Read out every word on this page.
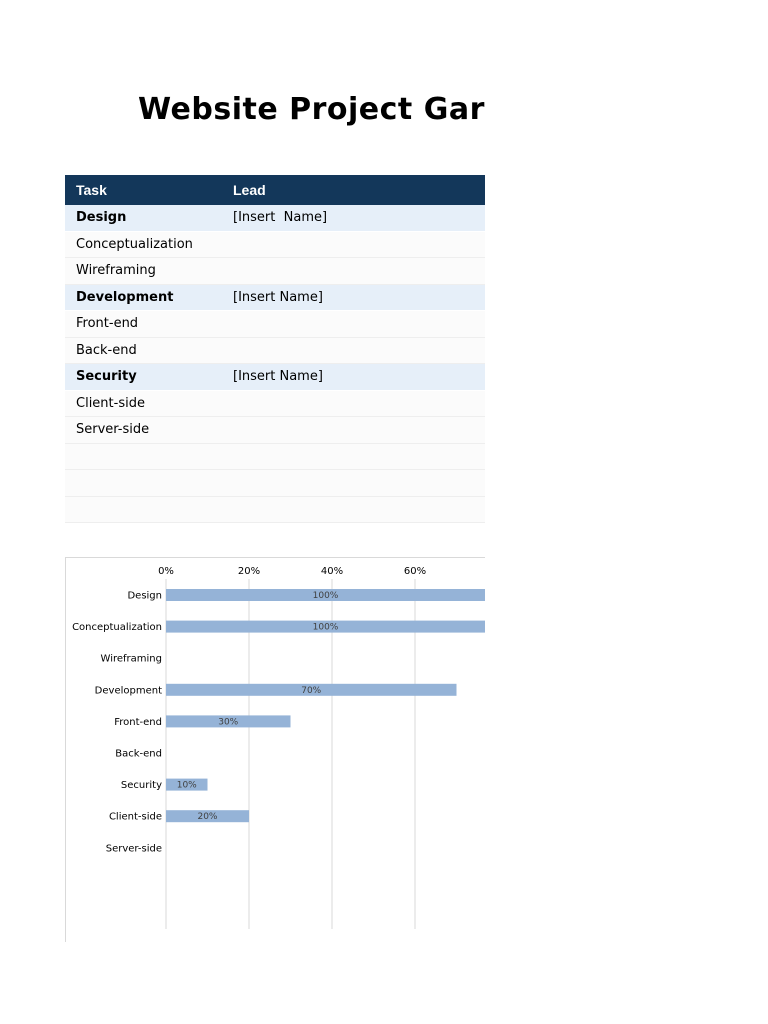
Website Project Gar
Task	Lead
Design	[Insert  Name]
Conceptualization
Wireframing
Development	[Insert Name]
Front-end
Back-end
Security	[Insert Name]
Client-side
Server-side
0%	20%	40%	60%
Design	100%
Conceptualization	100%
Wireframing
Development	70%
Front-end	30%
Back-end
Security 10%
Client-side	20%
Server-side
